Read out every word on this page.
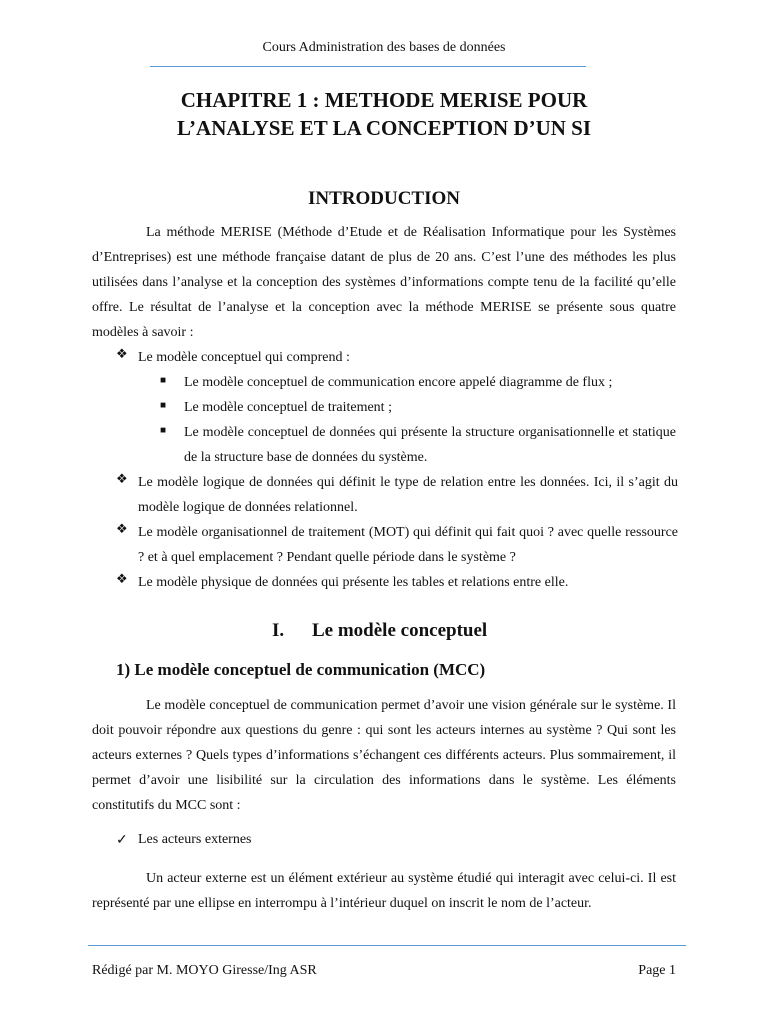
Cours Administration des bases de données
CHAPITRE 1 : METHODE MERISE POUR
L’ANALYSE ET LA CONCEPTION D’UN SI
INTRODUCTION

La méthode MERISE (Méthode d’Etude et de Réalisation Informatique pour les Systèmes d’Entreprises) est une méthode française datant de plus de 20 ans. C’est l’une des méthodes les plus utilisées dans l’analyse et la conception des systèmes d’informations compte tenu de la facilité qu’elle offre. Le résultat de l’analyse et la conception avec la méthode MERISE se présente sous quatre modèles à savoir :

❖ Le modèle conceptuel qui comprend :

■ Le modèle conceptuel de communication encore appelé diagramme de flux ;

■ Le modèle conceptuel de traitement ;

■ Le modèle conceptuel de données qui présente la structure organisationnelle et statique de la structure base de données du système.

❖ Le modèle logique de données qui définit le type de relation entre les données. Ici, il s’agit du modèle logique de données relationnel.

❖ Le modèle organisationnel de traitement (MOT) qui définit qui fait quoi ? avec quelle ressource ? et à quel emplacement ? Pendant quelle période dans le système ?

❖ Le modèle physique de données qui présente les tables et relations entre elle.

I. Le modèle conceptuel
1) Le modèle conceptuel de communication (MCC)

Le modèle conceptuel de communication permet d’avoir une vision générale sur le système. Il doit pouvoir répondre aux questions du genre : qui sont les acteurs internes au système ? Qui sont les acteurs externes ? Quels types d’informations s’échangent ces différents acteurs. Plus sommairement, il permet d’avoir une lisibilité sur la circulation des informations dans le système. Les éléments constitutifs du MCC sont :

✓ Les acteurs externes

Un acteur externe est un élément extérieur au système étudié qui interagit avec celui-ci. Il est représenté par une ellipse en interrompu à l’intérieur duquel on inscrit le nom de l’acteur.

Rédigé par M. MOYO Giresse/Ing ASR	Page 1
